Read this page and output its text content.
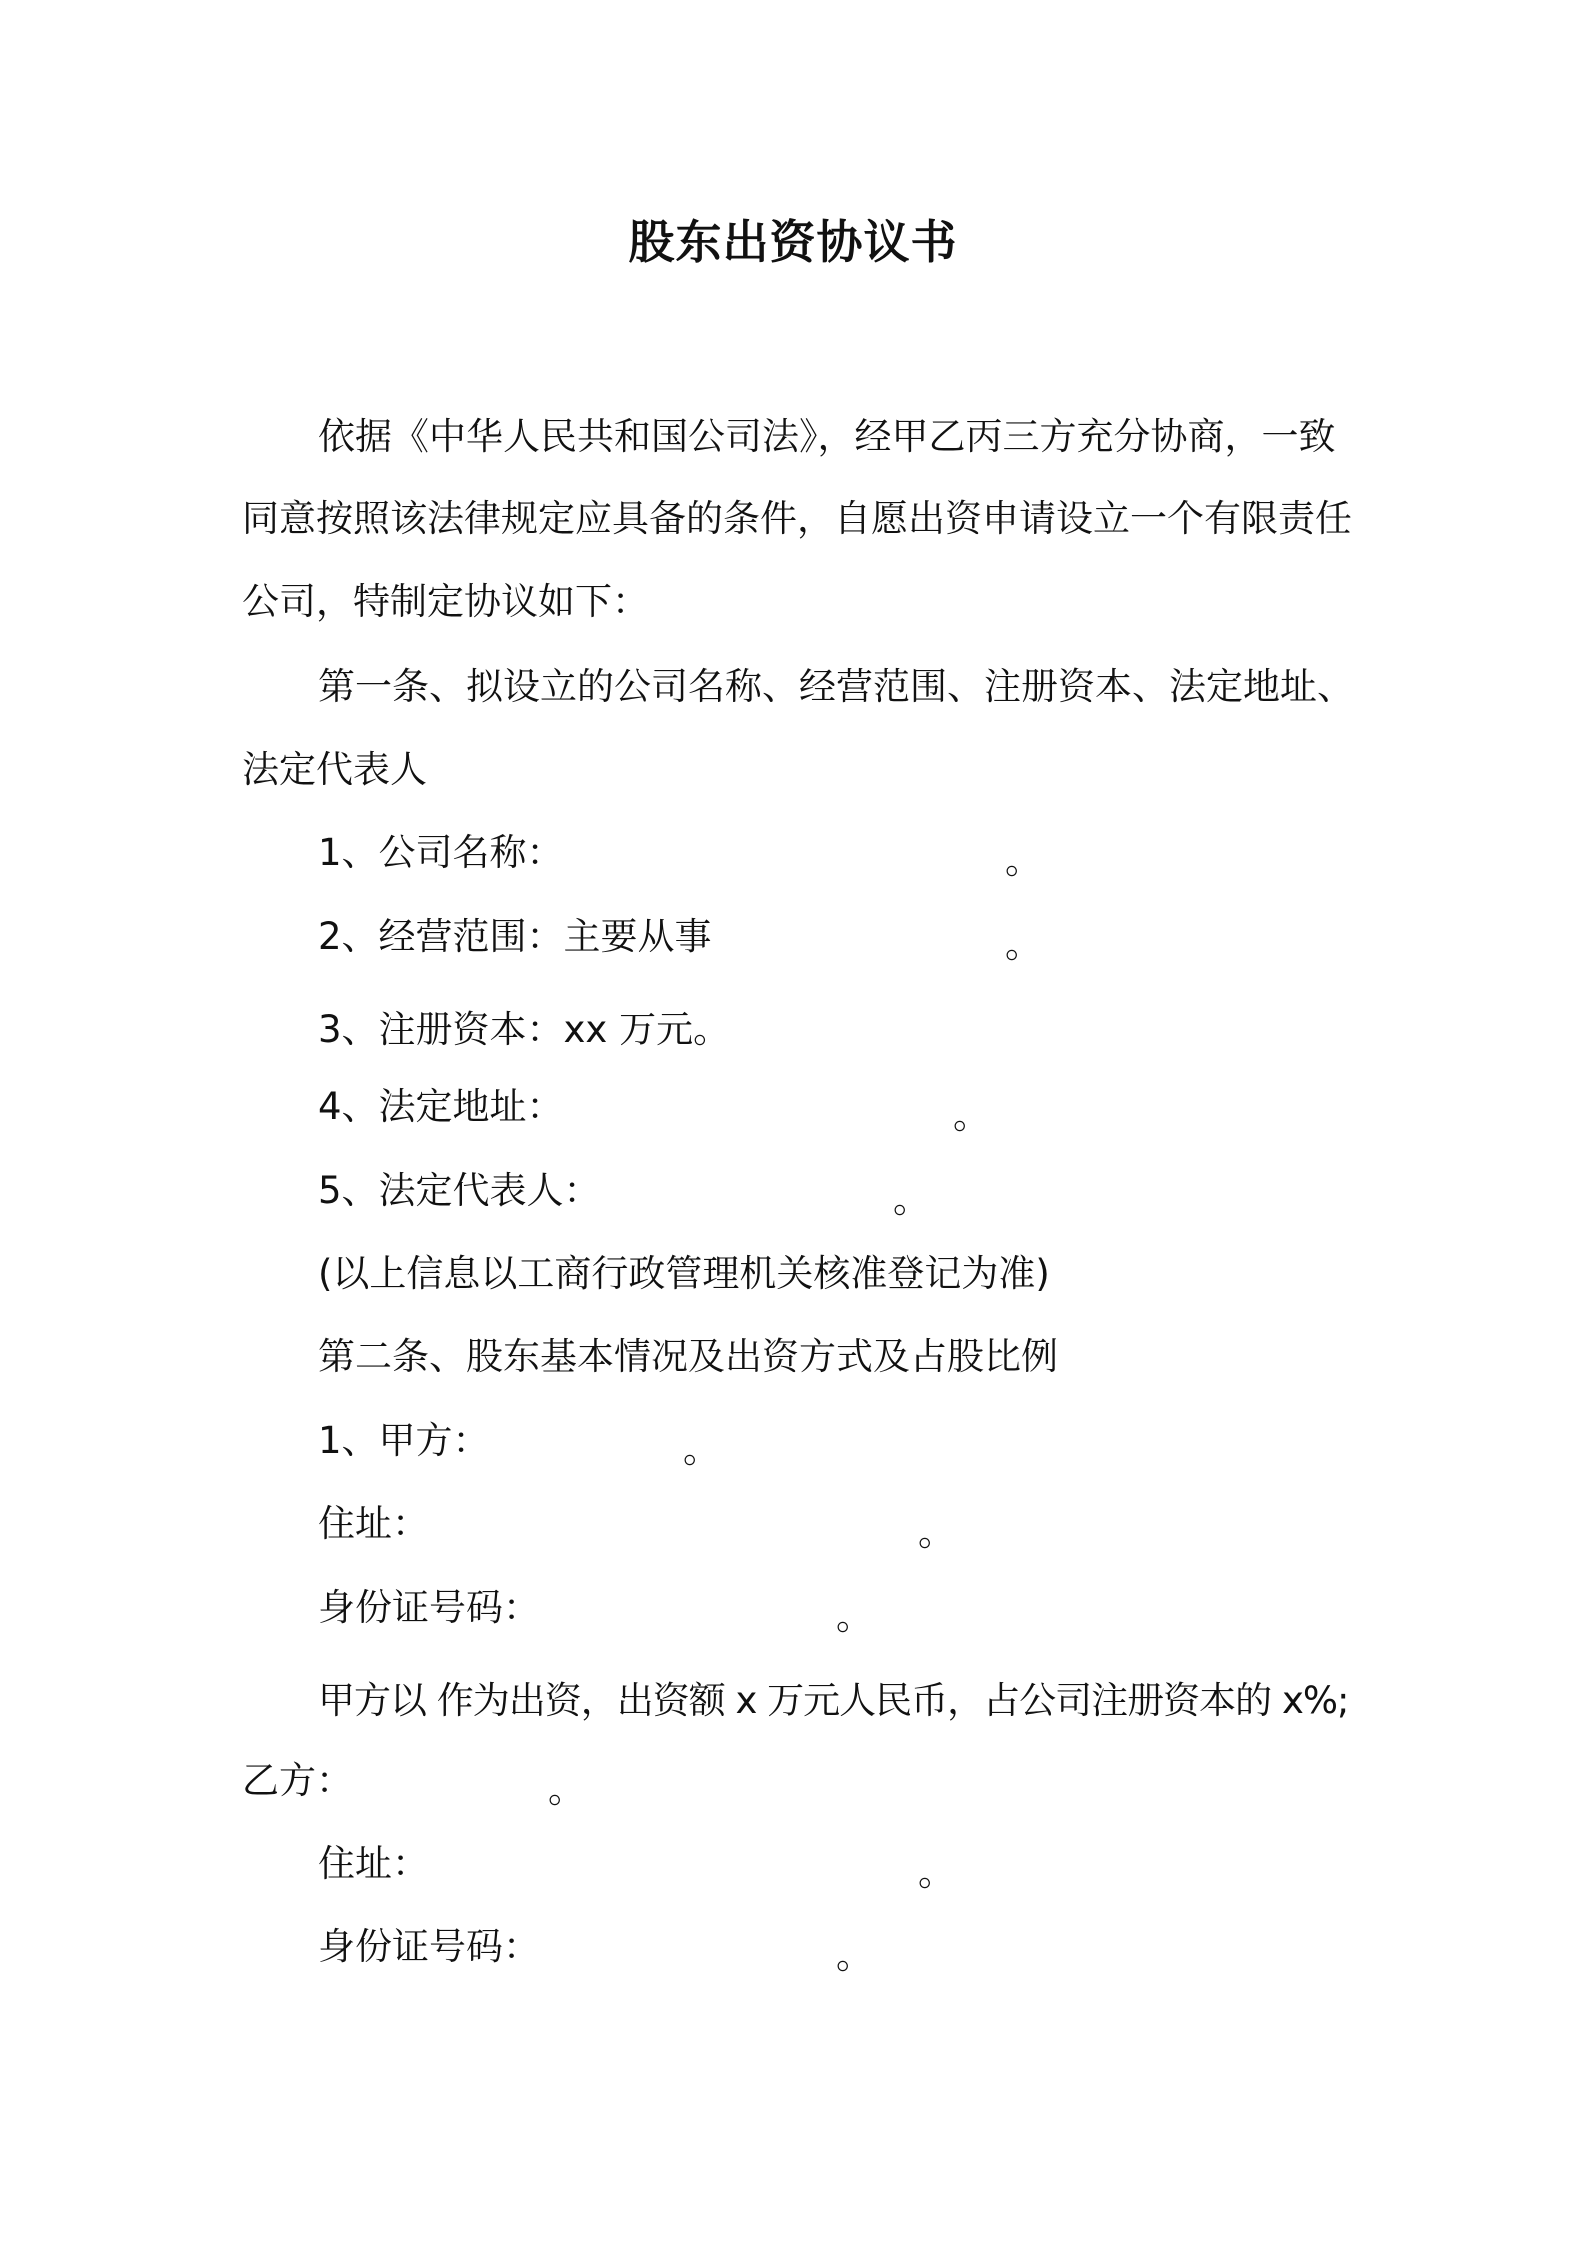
股东出资协议书
依据《中华人民共和国公司法》，经甲乙丙三方充分协商，一致
同意按照该法律规定应具备的条件，自愿出资申请设立一个有限责任
公司，特制定协议如下：
第一条、拟设立的公司名称、经营范围、注册资本、法定地址、
法定代表人
1、公司名称：	。
2、经营范围：主要从事	。
3、注册资本：xx 万元。
4、法定地址：	。
5、法定代表人：	。
(以上信息以工商行政管理机关核准登记为准)
第二条、股东基本情况及出资方式及占股比例
1、甲方：	。
住址：	。
身份证号码：	。
甲方以 作为出资，出资额 x 万元人民币，占公司注册资本的 x%;
乙方：	。
住址：	。
身份证号码：	。
